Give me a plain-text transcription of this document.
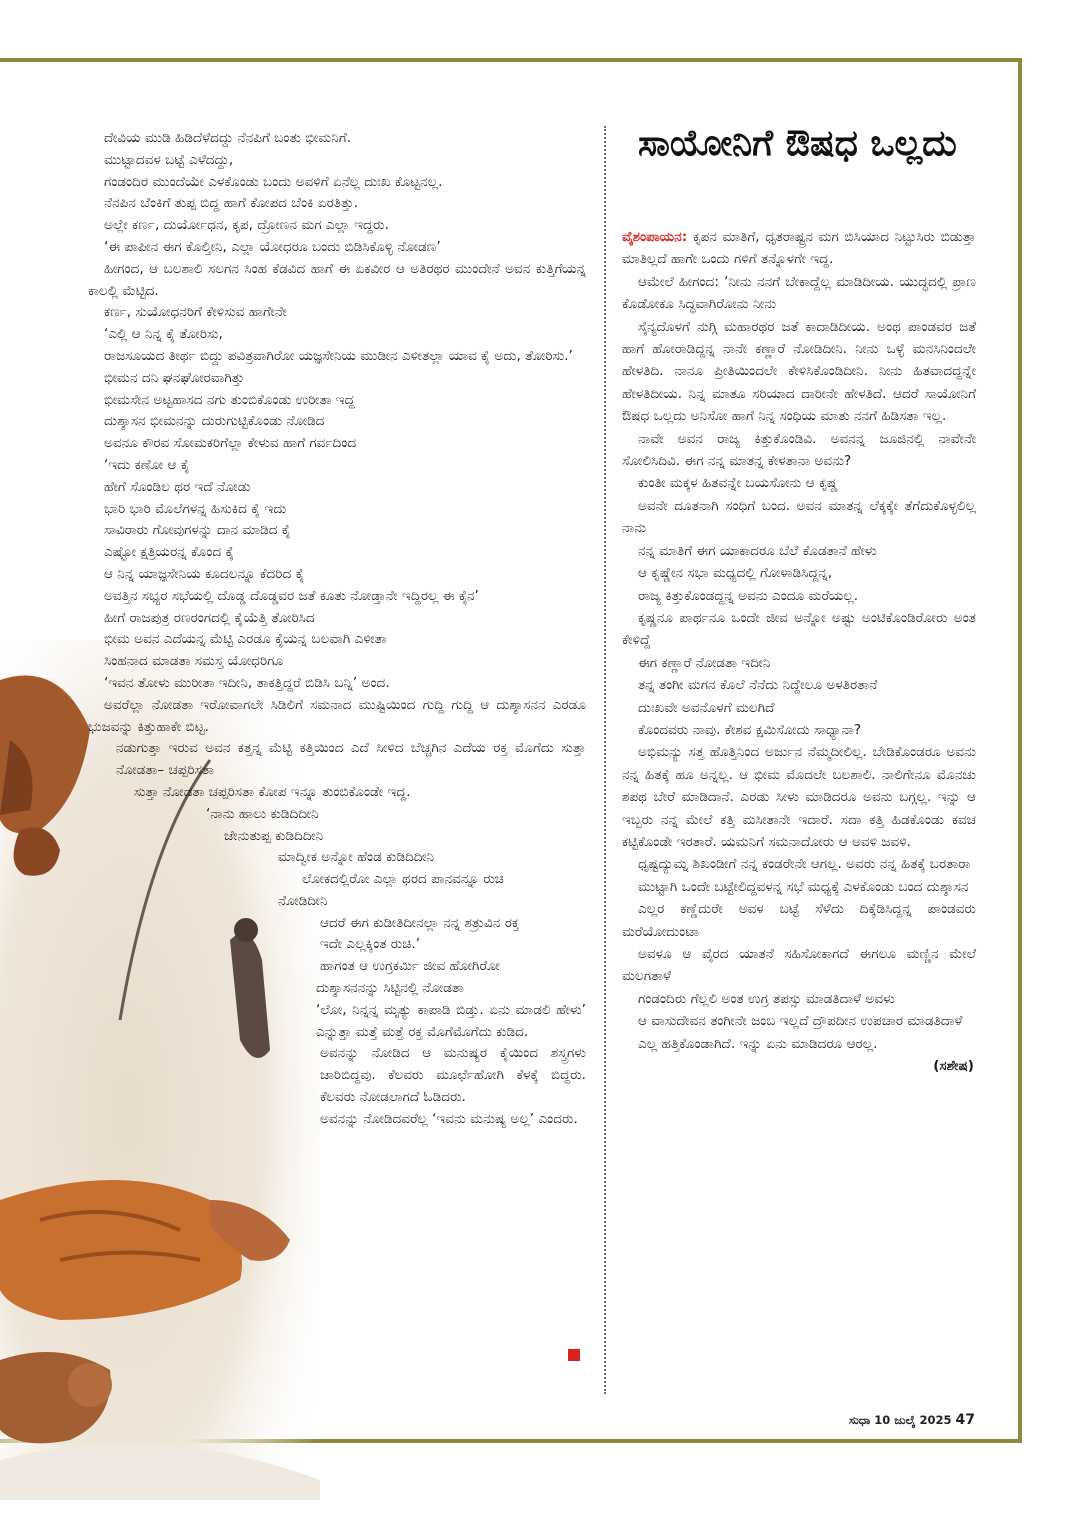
ದೇವಿಯ ಮುಡಿ ಹಿಡಿದೆಳೆದದ್ದು ನೆನಪಿಗೆ ಬಂತು ಭೀಮನಿಗೆ.

ಮುಟ್ಟಾದವಳ ಬಟ್ಟೆ ಎಳೆದದ್ದು,

ಗಂಡಂದಿರ ಮುಂದೆಯೇ ಎಳಕೊಂಡು ಬಂದು ಅವಳಿಗೆ ಏನೆಲ್ಲ ದುಃಖ ಕೊಟ್ಟನಲ್ಲ.

ನೆನಪಿನ ಬೆಂಕಿಗೆ ತುಪ್ಪ ಬಿದ್ದ ಹಾಗೆ ಕೋಪದ ಬೆಂಕಿ ಏರತಿತ್ತು.

ಅಲ್ಲೇ ಕರ್ಣ, ದುರ್ಯೋಧನ, ಕೃಪ, ದ್ರೋಣನ ಮಗ ಎಲ್ಲಾ ಇದ್ದರು.

‘ಈ ಪಾಪೀನ ಈಗ ಕೊಲ್ತೀನಿ, ಎಲ್ಲಾ ಯೋಧರೂ ಬಂದು ಬಿಡಿಸಿಕೊಳ್ಳಿ ನೋಡಣ’

ಹೀಗಂದ, ಆ ಬಲಶಾಲಿ ಸಲಗನ ಸಿಂಹ ಕೆಡವಿದ ಹಾಗೆ ಈ ಏಕವೀರ ಆ ಅತಿರಥರ ಮುಂದೇನೆ ಅವನ ಕುತ್ತಿಗೆಯನ್ನ ಕಾಲಲ್ಲಿ ಮೆಟ್ಟಿದ.

ಕರ್ಣ, ಸುಯೋಧನರಿಗೆ ಕೇಳಿಸುವ ಹಾಗೇನೇ

‘ಎಲ್ಲಿ ಆ ನಿನ್ನ ಕೈ ತೋರಿಸು,

ರಾಜಸೂಯದ ತೀರ್ಥ ಬಿದ್ದು ಪವಿತ್ರವಾಗಿರೋ ಯಜ್ಞಸೇನಿಯ ಮುಡೀನ ಎಳೀತಲ್ಲಾ ಯಾವ ಕೈ ಅದು, ತೋರಿಸು.’

ಭೀಮನ ದನಿ ಘನಘೋರವಾಗಿತ್ತು

ಭೀಮಸೇನ ಅಟ್ಟಹಾಸದ ನಗು ತುಂಬಿಕೊಂಡು ಉರೀತಾ ಇದ್ದ

ದುಶ್ಶಾಸನ ಭೀಮನನ್ನು ದುರುಗುಟ್ಟಿಕೊಂಡು ನೋಡಿದ

ಅವನೂ ಕೌರವ ಸೋಮಕರಿಗೆಲ್ಲಾ ಕೇಳುವ ಹಾಗೆ ಗರ್ವದಿಂದ

‘ಇದು ಕಣೋ ಆ ಕೈ

ಹೇಗೆ ಸೊಂಡಿಲ ಥರ ಇದೆ ನೋಡು

ಭಾರಿ ಭಾರಿ ಮೊಲೆಗಳನ್ನ ಹಿಸುಕಿದ ಕೈ ಇದು

ಸಾವಿರಾರು ಗೋವುಗಳನ್ನು ದಾನ ಮಾಡಿದ ಕೈ

ಎಷ್ಟೋ ಕ್ಷತ್ರಿಯರನ್ನ ಕೊಂದ ಕೈ

ಆ ನಿನ್ನ ಯಾಜ್ಞಸೇನಿಯ ಕೂದಲನ್ನೂ ಕೆದರಿದ ಕೈ

ಅವತ್ತಿನ ಸಭ್ಯರ ಸಭೆಯಲ್ಲಿ ದೊಡ್ಡ ದೊಡ್ಡವರ ಜತೆ ಕೂತು ನೋಡ್ತಾನೇ ಇದ್ದಿರಲ್ಲ ಈ ಕೈನ’

ಹೀಗೆ ರಾಜಪುತ್ರ ರಣರಂಗದಲ್ಲಿ ಕೈಯೆತ್ತಿ ತೋರಿಸಿದ

ಭೀಮ ಅವನ ಎದೆಯನ್ನ ಮೆಟ್ಟಿ ಎರಡೂ ಕೈಯನ್ನ ಬಲವಾಗಿ ಎಳೀತಾ

ಸಿಂಹನಾದ ಮಾಡತಾ ಸಮಸ್ತ ಯೋಧರಿಗೂ

‘ಇವನ ತೋಳು ಮುರೀತಾ ಇದೀನಿ, ತಾಕತ್ತಿದ್ದರೆ ಬಿಡಿಸಿ ಬನ್ನಿ’ ಅಂದ.

ಅವರೆಲ್ಲಾ ನೋಡತಾ ಇರೋವಾಗಲೇ ಸಿಡಿಲಿಗೆ ಸಮನಾದ ಮುಷ್ಟಿಯಿಂದ ಗುದ್ದಿ ಗುದ್ದಿ ಆ ದುಶ್ಶಾಸನನ ಎರಡೂ ಭುಜವನ್ನು ಕಿತ್ತುಹಾಕೇ ಬಿಟ್ಟ.

ನಡುಗುತ್ತಾ ಇರುವ ಅವನ ಕತ್ತನ್ನ ಮೆಟ್ಟಿ ಕತ್ತಿಯಿಂದ ಎದೆ ಸೀಳಿದ ಬೆಚ್ಚಗಿನ ಎದೆಯ ರಕ್ತ ಮೊಗೆದು ಸುತ್ತಾ ನೋಡತಾ– ಚಪ್ಪರಿಸತಾ

ಸುತ್ತಾ ನೋಡತಾ ಚಪ್ಪರಿಸತಾ ಕೋಪ ಇನ್ನೂ ತುಂಬಿಕೊಂಡೇ ಇದ್ದ.

‘ನಾನು ಹಾಲು ಕುಡಿದಿದೀನಿ

ಜೇನುತುಪ್ಪ ಕುಡಿದಿದೀನಿ

ಮಾದ್ವೀಕ ಅನ್ನೋ ಹೆಂಡ ಕುಡಿದಿದೀನಿ

ಲೋಕದಲ್ಲಿರೋ ಎಲ್ಲಾ ಥರದ ಪಾನವನ್ನೂ ರುಚಿ

ನೋಡಿದೀನಿ

ಆದರೆ ಈಗ ಕುಡೀತಿದೀನಲ್ಲಾ ನನ್ನ ಶತ್ರುವಿನ ರಕ್ತ

ಇದೇ ಎಲ್ಲಕ್ಕಿಂತ ರುಚಿ.’

ಹಾಗಂತ ಆ ಉಗ್ರಕರ್ಮಿ ಜೀವ ಹೋಗಿರೋ

ದುಶ್ಶಾಸನನನ್ನು ಸಿಟ್ಟಿನಲ್ಲಿ ನೋಡತಾ

‘ಲೋ, ನಿನ್ನನ್ನ ಮೃತ್ಯು ಕಾಪಾಡಿ ಬಿಡ್ತು. ಏನು ಮಾಡಲಿ ಹೇಳು’ ಎನ್ನುತ್ತಾ ಮತ್ತೆ ಮತ್ತೆ ರಕ್ತ ಮೊಗೆಮೊಗೆದು ಕುಡಿದ.

ಅವನನ್ನು ನೋಡಿದ ಆ ಮನುಷ್ಯರ ಕೈಯಿಂದ ಶಸ್ತ್ರಗಳು ಜಾರಿಬಿದ್ದವು. ಕೆಲವರು ಮೂರ್ಛೆಹೋಗಿ ಕೆಳಕ್ಕೆ ಬಿದ್ದರು. ಕೆಲವರು ನೋಡಲಾಗದೆ ಓಡಿದರು.

ಅವನನ್ನು ನೋಡಿದವರೆಲ್ಲ ‘ಇವನು ಮನುಷ್ಯ ಅಲ್ಲ’ ಎಂದರು.

ಸಾಯೋನಿಗೆ ಔಷಧ ಒಲ್ಲದು

ವೈಶಂಪಾಯನ: ಕೃಪನ ಮಾತಿಗೆ, ಧೃತರಾಷ್ಟ್ರನ ಮಗ ಬಿಸಿಯಾದ ನಿಟ್ಟುಸಿರು ಬಿಡುತ್ತಾ ಮಾತಿಲ್ಲದೆ ಹಾಗೇ ಒಂದು ಗಳಿಗೆ ತನ್ನೊಳಗೇ ಇದ್ದ.

ಆಮೇಲೆ ಹೀಗಂದ: ‘ನೀನು ನನಗೆ ಬೇಕಾದ್ದೆಲ್ಲ ಮಾಡಿದೀಯ. ಯುದ್ಧದಲ್ಲಿ ಪ್ರಾಣ ಕೊಡೋಕೂ ಸಿದ್ಧವಾಗಿರೋನು ನೀನು

ಸೈನ್ಯದೊಳಗೆ ನುಗ್ಗಿ ಮಹಾರಥರ ಜತೆ ಕಾದಾಡಿದೀಯ. ಅಂಥ ಪಾಂಡವರ ಜತೆ ಹಾಗೆ ಹೋರಾಡಿದ್ದನ್ನ ನಾನೇ ಕಣ್ಣಾರೆ ನೋಡಿದೀನಿ. ನೀನು ಒಳ್ಳೆ ಮನಸಿನಿಂದಲೇ ಹೇಳತಿದಿ. ನಾನೂ ಪ್ರೀತಿಯಿಂದಲೇ ಕೇಳಿಸಿಕೊಂಡಿದೀನಿ. ನೀನು ಹಿತವಾದದ್ದನ್ನೇ ಹೇಳತಿದೀಯ. ನಿನ್ನ ಮಾತೂ ಸರಿಯಾದ ದಾರೀನೇ ಹೇಳತಿದೆ. ಆದರೆ ಸಾಯೋನಿಗೆ ಔಷಧ ಒಲ್ಲದು ಅನಿಸೋ ಹಾಗೆ ನಿನ್ನ ಸಂಧಿಯ ಮಾತು ನನಗೆ ಹಿಡಿಸತಾ ಇಲ್ಲ.

ನಾವೇ ಅವನ ರಾಜ್ಯ ಕಿತ್ತುಕೊಂಡಿವಿ. ಅವನನ್ನ ಜೂಜಿನಲ್ಲಿ ನಾವೇನೇ ಸೋಲಿಸಿದಿವಿ. ಈಗ ನನ್ನ ಮಾತನ್ನ ಕೇಳತಾನಾ ಅವನು?

ಕುಂತೀ ಮಕ್ಕಳ ಹಿತವನ್ನೇ ಬಯಸೋನು ಆ ಕೃಷ್ಣ

ಅವನೇ ದೂತನಾಗಿ ಸಂಧಿಗೆ ಬಂದ. ಅವನ ಮಾತನ್ನ ಲೆಕ್ಕಕ್ಕೇ ತೆಗೆದುಕೊಳ್ಳಲಿಲ್ಲ ನಾನು

ನನ್ನ ಮಾತಿಗೆ ಈಗ ಯಾಕಾದರೂ ಬೆಲೆ ಕೊಡತಾನೆ ಹೇಳು

ಆ ಕೃಷ್ಣೇನ ಸಭಾ ಮಧ್ಯದಲ್ಲಿ ಗೋಳಾಡಿಸಿದ್ದನ್ನ,

ರಾಜ್ಯ ಕಿತ್ತುಕೊಂಡದ್ದನ್ನ ಅವನು ಎಂದೂ ಮರೆಯಲ್ಲ.

ಕೃಷ್ಣನೂ ಪಾರ್ಥನೂ ಒಂದೇ ಜೀವ ಅನ್ನೋ ಅಷ್ಟು ಅಂಟಿಕೊಂಡಿರೋರು ಅಂತ ಕೇಳಿದ್ದೆ

ಈಗ ಕಣ್ಣಾರೆ ನೋಡತಾ ಇದೀನಿ

ತನ್ನ ತಂಗೀ ಮಗನ ಕೊಲೆ ನೆನೆದು ನಿದ್ದೇಲೂ ಅಳತಿರತಾನೆ

ದುಃಖವೇ ಅವನೊಳಗೆ ಮಲಗಿದೆ

ಕೊಂದವರು ನಾವು. ಕೇಶವ ಕ್ಷಮಿಸೋದು ಸಾಧ್ಯಾನಾ?

ಅಭಿಮನ್ಯು ಸತ್ತ ಹೊತ್ತಿನಿಂದ ಅರ್ಜುನ ನೆಮ್ಮದೀಲಿಲ್ಲ. ಬೇಡಿಕೊಂಡರೂ ಅವನು ನನ್ನ ಹಿತಕ್ಕೆ ಹೂ ಅನ್ನಲ್ಲ. ಆ ಭೀಮ ಮೊದಲೇ ಬಲಶಾಲಿ. ನಾಲಿಗೇನೂ ಮೊನಚು ಶಪಥ ಬೇರೆ ಮಾಡಿದಾನೆ. ಎರಡು ಸೀಳು ಮಾಡಿದರೂ ಅವನು ಬಗ್ಗಲ್ಲ. ಇನ್ನು ಆ ಇಬ್ಬರು ನನ್ನ ಮೇಲೆ ಕತ್ತಿ ಮಸೀತಾನೇ ಇದಾರೆ. ಸದಾ ಕತ್ತಿ ಹಿಡಕೊಂಡು ಕವಚ ಕಟ್ಟಿಕೊಂಡೇ ಇರತಾರೆ. ಯಮನಿಗೆ ಸಮನಾದೋರು ಆ ಅವಳಿ ಜವಳಿ.

ಧೃಷ್ಟದ್ಯುಮ್ನ ಶಿಖಂಡೀಗೆ ನನ್ನ ಕಂಡರೇನೇ ಆಗಲ್ಲ. ಅವರು ನನ್ನ ಹಿತಕ್ಕೆ ಬರತಾರಾ

ಮುಟ್ಟಾಗಿ ಒಂದೇ ಬಟ್ಟೇಲಿದ್ದವಳನ್ನ ಸಭೆ ಮಧ್ಯಕ್ಕೆ ಎಳಕೊಂಡು ಬಂದ ದುಶ್ಶಾಸನ

ಎಲ್ಲರ ಕಣ್ಣೆದುರೇ ಅವಳ ಬಟ್ಟೆ ಸೆಳೆದು ದಿಕ್ಕೆಡಿಸಿದ್ದನ್ನ ಪಾಂಡವರು ಮರೆಯೋದುಂಟಾ

ಅವಳೂ ಆ ವೈರದ ಯಾತನೆ ಸಹಿಸೋಕಾಗದೆ ಈಗಲೂ ಮಣ್ಣಿನ ಮೇಲೆ ಮಲಗತಾಳೆ

ಗಂಡಂದಿರು ಗೆಲ್ಲಲಿ ಅಂತ ಉಗ್ರ ತಪಸ್ಸು ಮಾಡತಿದಾಳೆ ಅವಳು

ಆ ವಾಸುದೇವನ ತಂಗೀನೇ ಜಂಬ ಇಲ್ಲದೆ ದ್ರೌಪದೀನ ಉಪಚಾರ ಮಾಡತಿದಾಳೆ

ಎಲ್ಲ ಹತ್ತಿಕೊಂಡಾಗಿದೆ. ಇನ್ನು ಏನು ಮಾಡಿದರೂ ಆರಲ್ಲ.

(ಸಶೇಷ)

ಸುಧಾ 10 ಜುಲೈ 2025 47
